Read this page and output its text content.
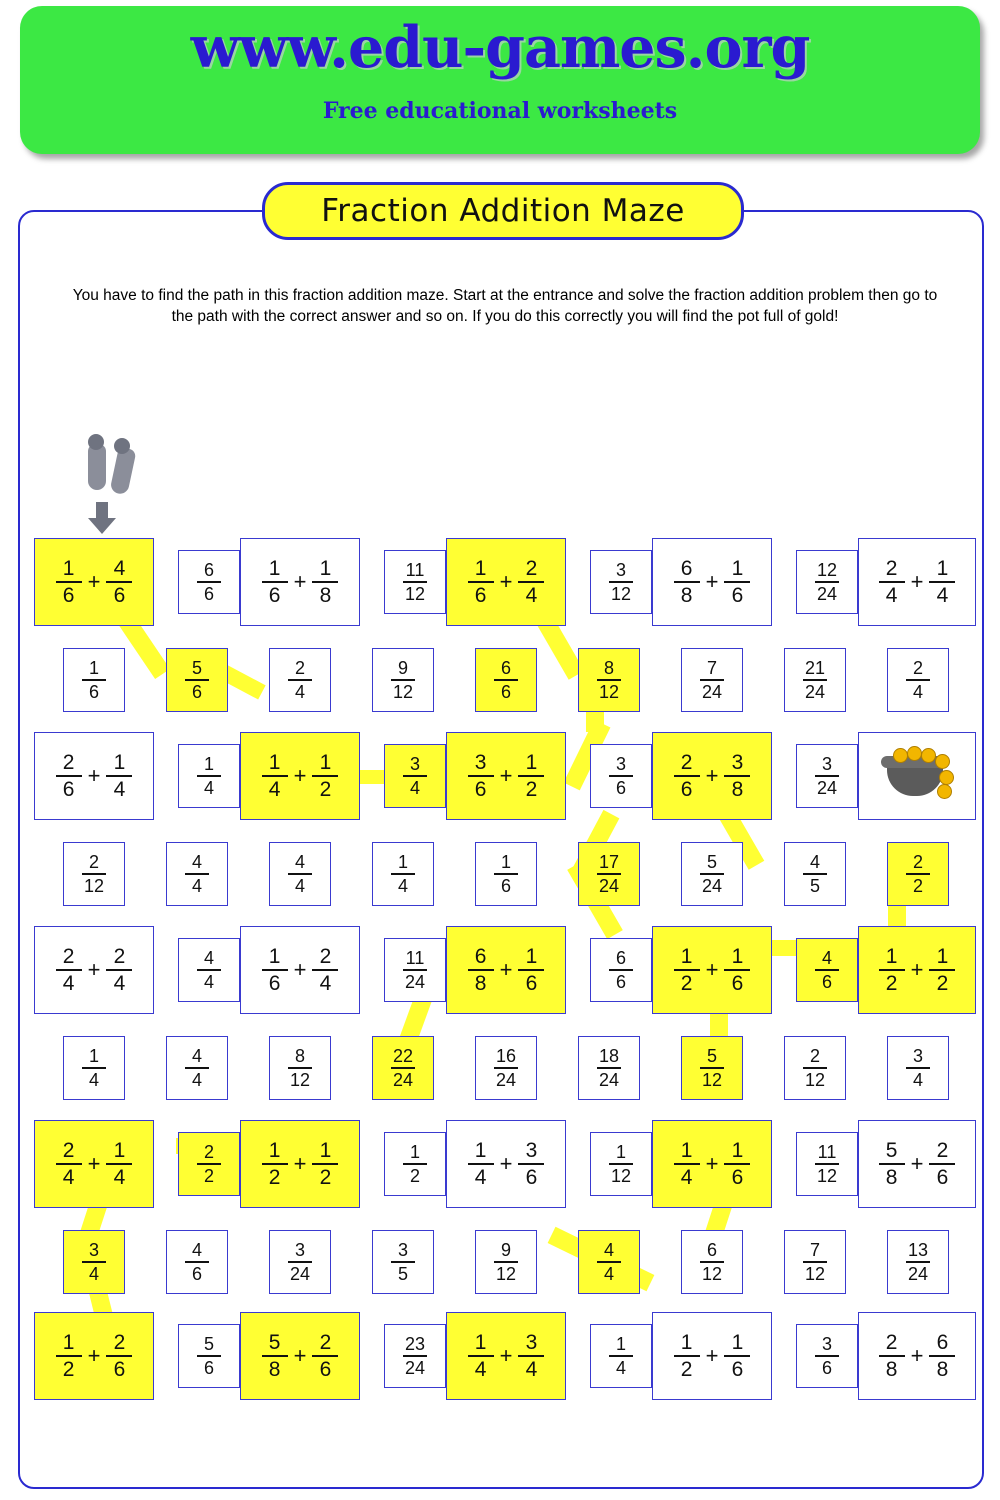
www.edu-games.org
Free educational worksheets
Fraction Addition Maze
You have to find the path in this fraction addition maze. Start at the entrance and solve the fraction addition problem then go to the path with the correct answer and so on. If you do this correctly you will find the pot full of gold!
$\frac{1}{6} + \frac{4}{6}$	$\frac{6}{6} \frac{1}{6} + \frac{1}{8}$	$\frac{11}{12} \frac{1}{6} + \frac{2}{4}$	$\frac{3}{12} \frac{6}{8} + \frac{1}{6}$	$\frac{12}{24} \frac{2}{4} + \frac{1}{4}$
$\frac{1}{6}$	$\frac{5}{6}$	$\frac{2}{4}$	$\frac{9}{12}$	$\frac{6}{6}$	$\frac{8}{12}$	$\frac{7}{24}$	$\frac{21}{24}$	$\frac{2}{4}$
$\frac{2}{6} + \frac{1}{4}$	$\frac{1}{4} \frac{1}{4} + \frac{1}{2}$	$\frac{3}{4} \frac{3}{6} + \frac{1}{2}$	$\frac{3}{6} \frac{2}{6} + \frac{3}{8}$	$\frac{3}{24}$
$\frac{2}{12}$	$\frac{4}{4}$	$\frac{4}{4}$	$\frac{1}{4}$	$\frac{1}{6}$	$\frac{17}{24}$	$\frac{5}{24}$	$\frac{4}{5}$	$\frac{2}{2}$
$\frac{2}{4} + \frac{2}{4}$	$\frac{4}{4} \frac{1}{6} + \frac{2}{4}$	$\frac{11}{24} \frac{6}{8} + \frac{1}{6}$	$\frac{6}{6} \frac{1}{2} + \frac{1}{6}$	$\frac{4}{6} \frac{1}{2} + \frac{1}{2}$
$\frac{1}{4}$	$\frac{4}{4}$	$\frac{8}{12}$	$\frac{22}{24}$	$\frac{16}{24}$	$\frac{18}{24}$	$\frac{5}{12}$	$\frac{2}{12}$	$\frac{3}{4}$
$\frac{2}{4} + \frac{1}{4}$	$\frac{2}{2} \frac{1}{2} + \frac{1}{2}$	$\frac{1}{2} \frac{1}{4} + \frac{3}{6}$	$\frac{1}{12} \frac{1}{4} + \frac{1}{6}$	$\frac{11}{12} \frac{5}{8} + \frac{2}{6}$
$\frac{3}{4}$	$\frac{4}{6}$	$\frac{3}{24}$	$\frac{3}{5}$	$\frac{9}{12}$	$\frac{4}{4}$	$\frac{6}{12}$	$\frac{7}{12}$	$\frac{13}{24}$
$\frac{1}{2} + \frac{2}{6}$	$\frac{5}{6} \frac{5}{8} + \frac{2}{6}$	$\frac{23}{24} \frac{1}{4} + \frac{3}{4}$	$\frac{1}{4} \frac{1}{2} + \frac{1}{6}$	$\frac{3}{6} \frac{2}{8} + \frac{6}{8}$
